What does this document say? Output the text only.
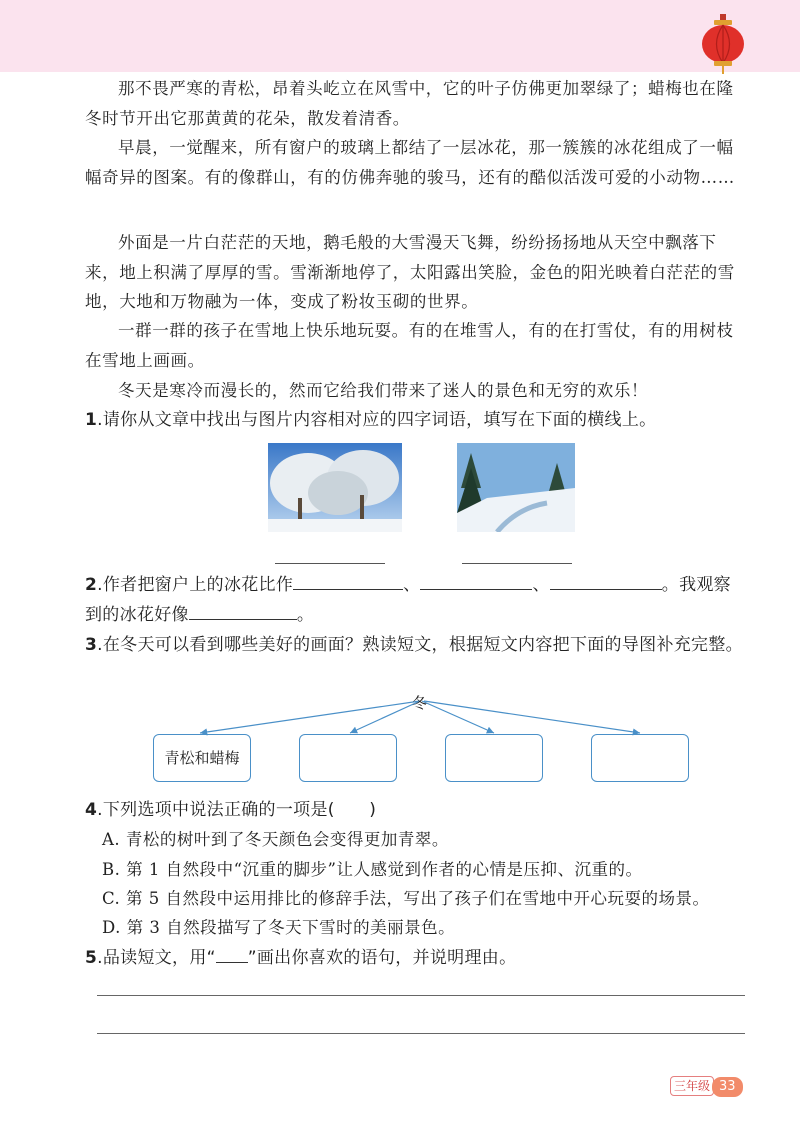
那不畏严寒的青松，昂着头屹立在风雪中，它的叶子仿佛更加翠绿了；蜡梅也在隆冬时节开出它那黄黄的花朵，散发着清香。

早晨，一觉醒来，所有窗户的玻璃上都结了一层冰花，那一簇簇的冰花组成了一幅幅奇异的图案。有的像群山，有的仿佛奔驰的骏马，还有的酷似活泼可爱的小动物……

外面是一片白茫茫的天地，鹅毛般的大雪漫天飞舞，纷纷扬扬地从天空中飘落下来，地上积满了厚厚的雪。雪渐渐地停了，太阳露出笑脸，金色的阳光映着白茫茫的雪地，大地和万物融为一体，变成了粉妆玉砌的世界。

一群一群的孩子在雪地上快乐地玩耍。有的在堆雪人，有的在打雪仗，有的用树枝在雪地上画画。

冬天是寒冷而漫长的，然而它给我们带来了迷人的景色和无穷的欢乐！

1.请你从文章中找出与图片内容相对应的四字词语，填写在下面的横线上。

2.作者把窗户上的冰花比作	、	、	。我观察
到的冰花好像	。

3.在冬天可以看到哪些美好的画面？熟读短文，根据短文内容把下面的导图补充完整。

冬
青松和蜡梅

4.下列选项中说法正确的一项是(　　)

A. 青松的树叶到了冬天颜色会变得更加青翠。

B. 第 1 自然段中“沉重的脚步”让人感觉到作者的心情是压抑、沉重的。

C. 第 5 自然段中运用排比的修辞手法，写出了孩子们在雪地中开心玩耍的场景。

D. 第 3 自然段描写了冬天下雪时的美丽景色。

5.品读短文，用“ ”画出你喜欢的语句，并说明理由。

三年级 33
